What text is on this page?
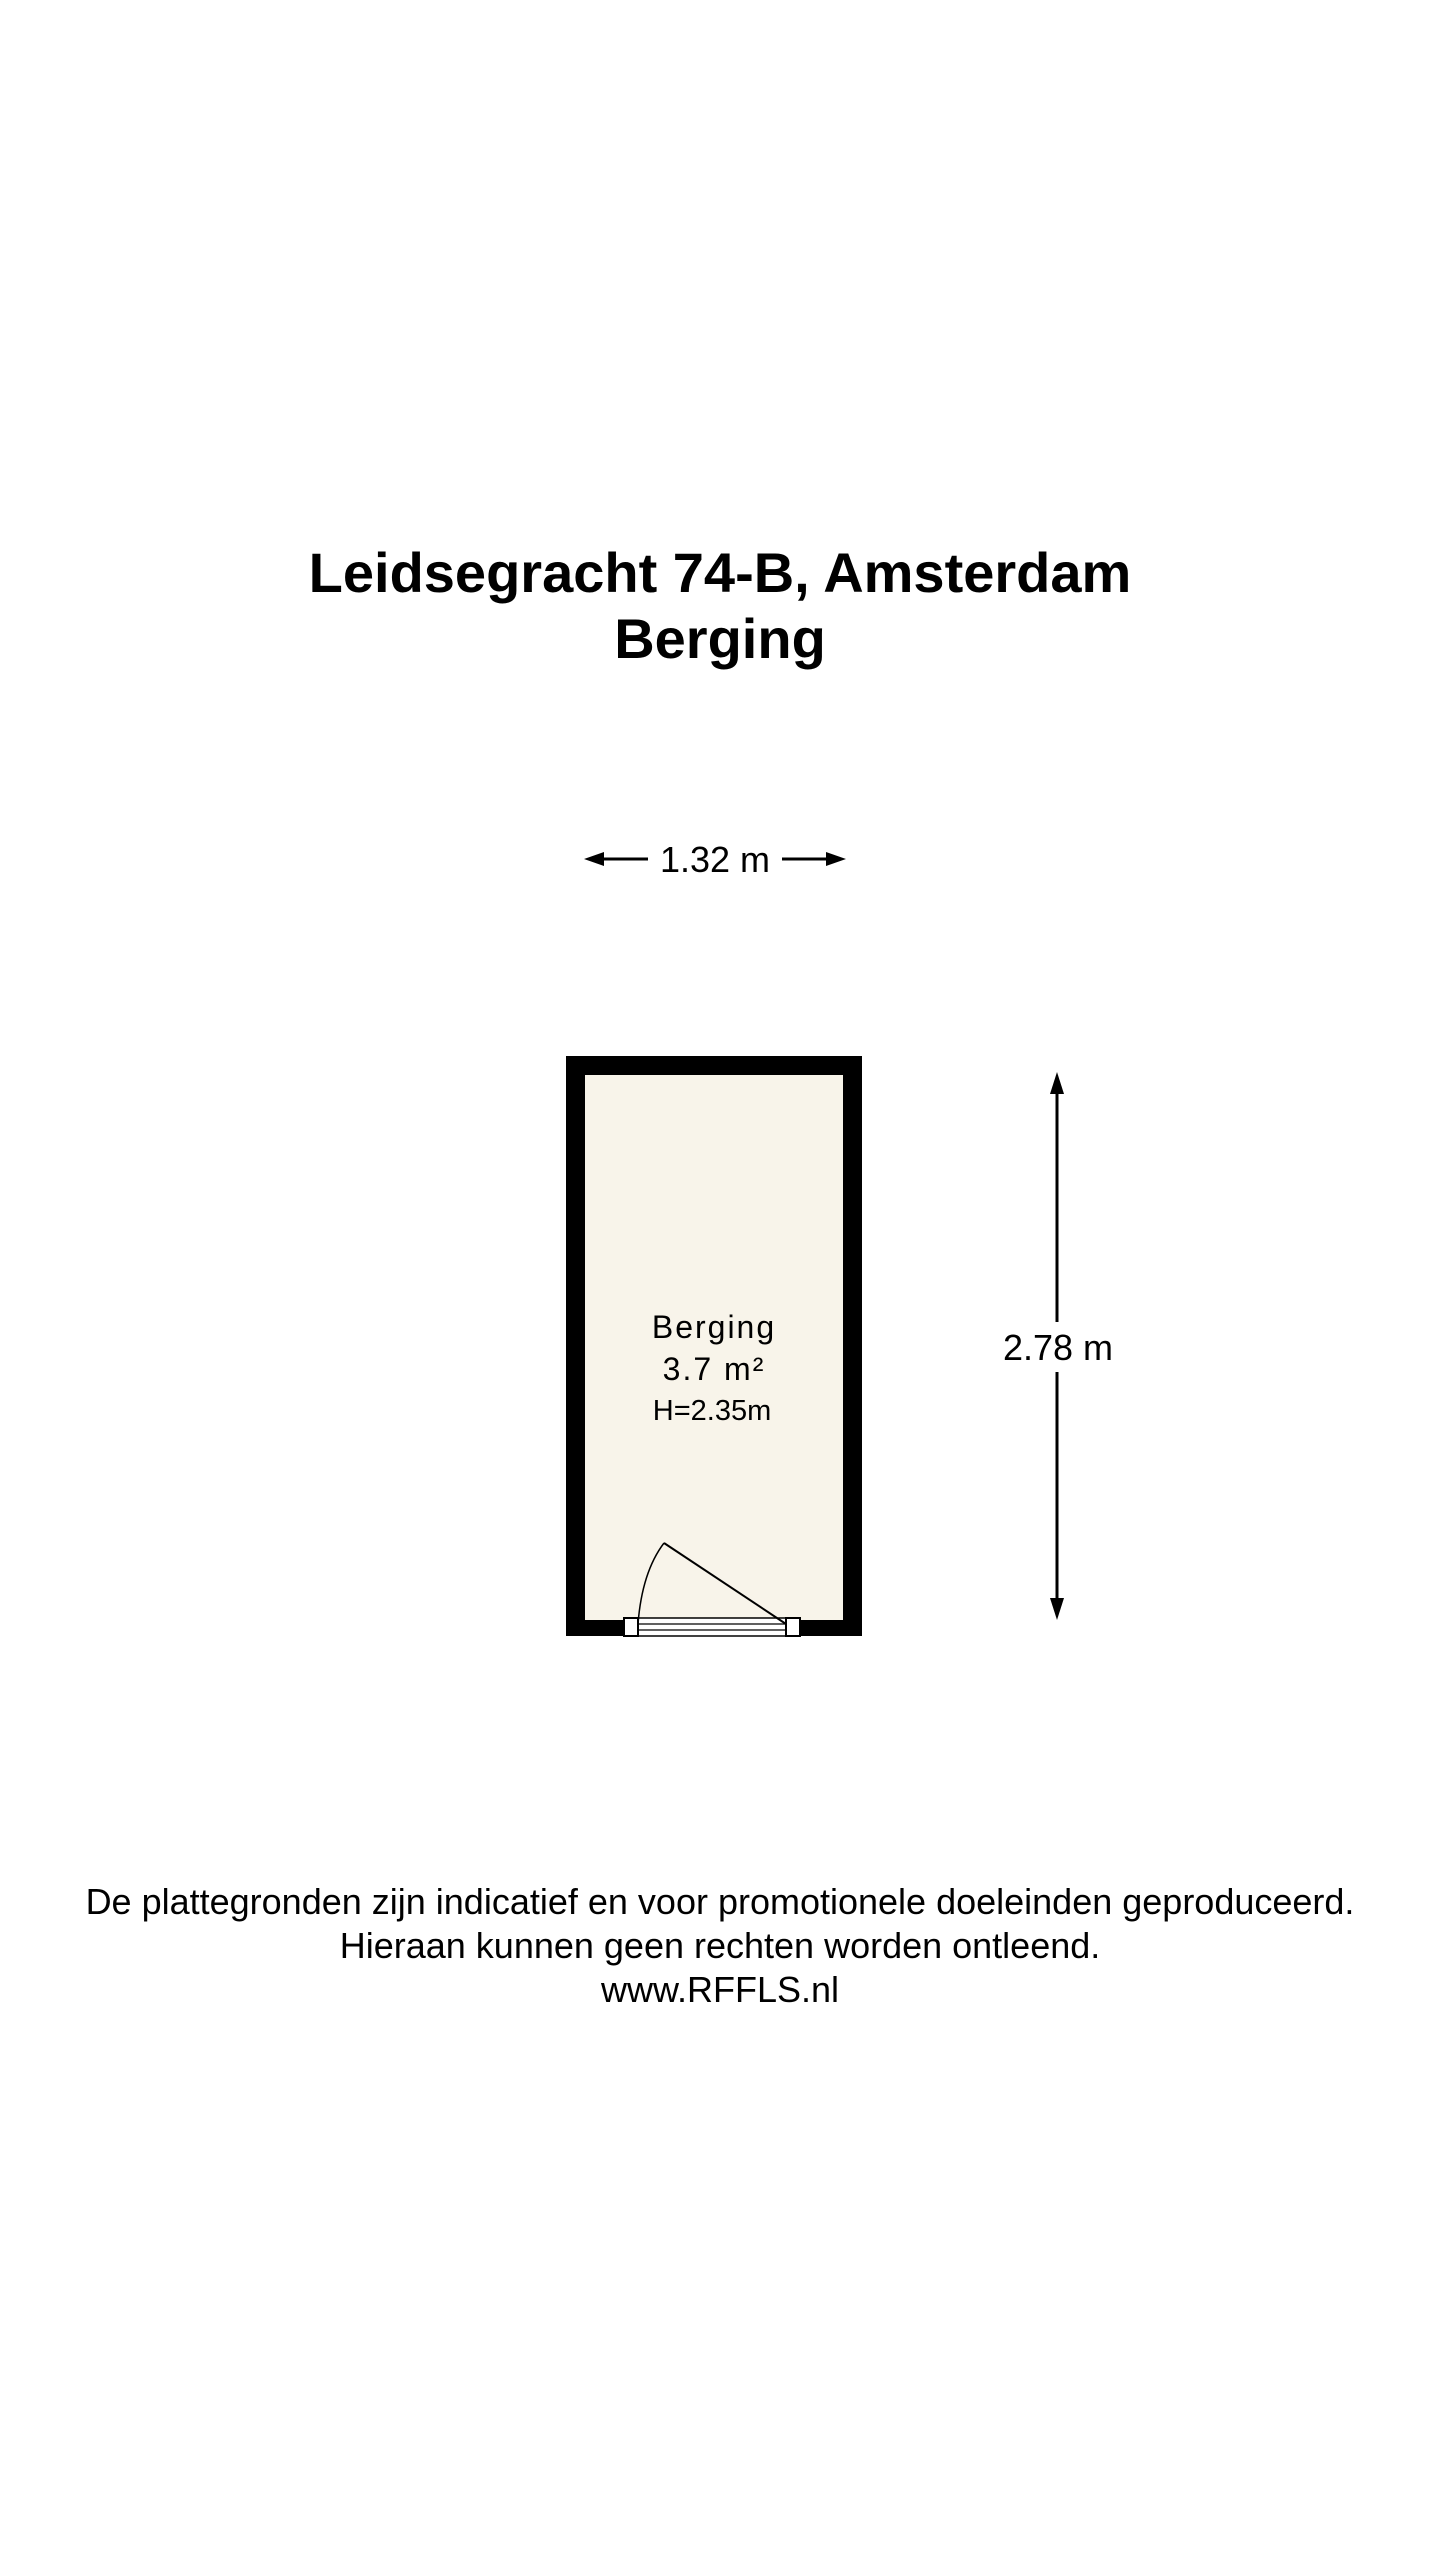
Leidsegracht 74-B, Amsterdam
Berging
1.32 m
Berging
3.7 m²
H=2.35m
2.78 m
De plattegronden zijn indicatief en voor promotionele doeleinden geproduceerd.
Hieraan kunnen geen rechten worden ontleend.
www.RFFLS.nl
